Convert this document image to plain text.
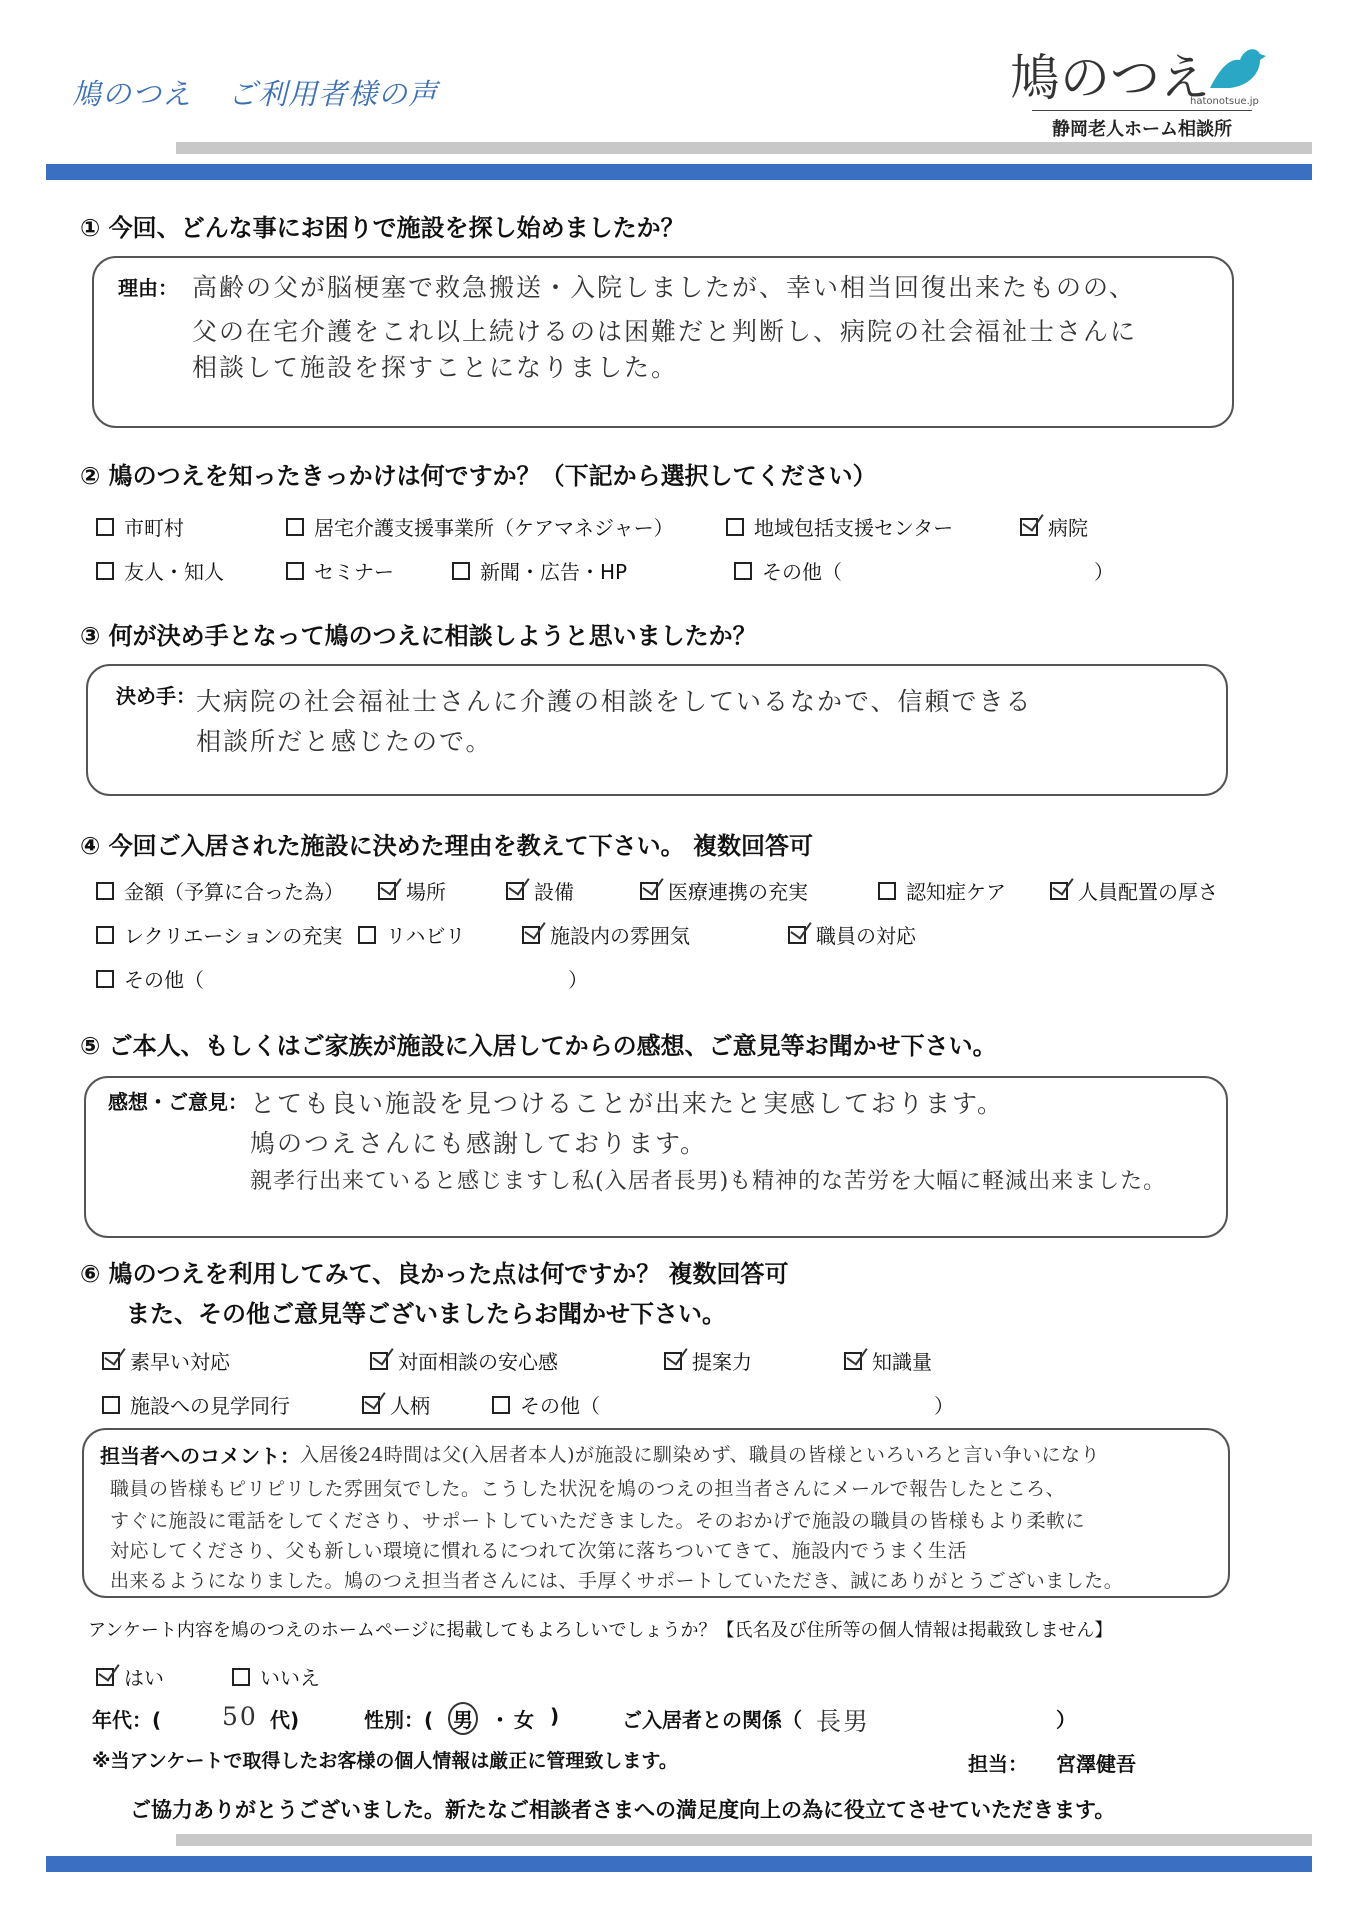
鳩のつえ ご利用者様の声	鳩のつえ
hatonotsue.jp
静岡老人ホーム相談所
① 今回、どんな事にお困りで施設を探し始めましたか？
理由： 高齢の父が脳梗塞で救急搬送・入院しましたが、幸い相当回復出来たものの、
父の在宅介護をこれ以上続けるのは困難だと判断し、病院の社会福祉士さんに
相談して施設を探すことになりました。
② 鳩のつえを知ったきっかけは何ですか？（下記から選択してください）
市町村	居宅介護支援事業所（ケアマネジャー）	地域包括支援センター	病院
友人・知人	セミナー	新聞・広告・HP	その他（	）
③ 何が決め手となって鳩のつえに相談しようと思いましたか？
決め手： 大病院の社会福祉士さんに介護の相談をしているなかで、信頼できる
相談所だと感じたので。
④ 今回ご入居された施設に決めた理由を教えて下さい。 複数回答可
金額（予算に合った為）	場所	設備	医療連携の充実	認知症ケア	人員配置の厚さ
レクリエーションの充実 リハビリ	施設内の雰囲気	職員の対応
その他（	）
⑤ ご本人、もしくはご家族が施設に入居してからの感想、ご意見等お聞かせ下さい。
感想・ご意見： とても良い施設を見つけることが出来たと実感しております。
鳩のつえさんにも感謝しております。
親孝行出来ていると感じますし私(入居者長男)も精神的な苦労を大幅に軽減出来ました。
⑥ 鳩のつえを利用してみて、良かった点は何ですか？ 複数回答可
また、その他ご意見等ございましたらお聞かせ下さい。
素早い対応	対面相談の安心感	提案力	知識量
施設への見学同行	人柄	その他（	）
担当者へのコメント： 入居後24時間は父(入居者本人)が施設に馴染めず、職員の皆様といろいろと言い争いになり
職員の皆様もピリピリした雰囲気でした。こうした状況を鳩のつえの担当者さんにメールで報告したところ、
すぐに施設に電話をしてくださり、サポートしていただきました。そのおかげで施設の職員の皆様もより柔軟に
対応してくださり、父も新しい環境に慣れるにつれて次第に落ちついてきて、施設内でうまく生活
出来るようになりました。鳩のつえ担当者さんには、手厚くサポートしていただき、誠にありがとうございました。
アンケート内容を鳩のつえのホームページに掲載してもよろしいでしょうか？【氏名及び住所等の個人情報は掲載致しません】
はい	いいえ
年代：( 50 代)	性別：( 男 ・ 女 )	ご入居者との関係（ 長男	）
※当アンケートで取得したお客様の個人情報は厳正に管理致します。	担当： 宮澤健吾
ご協力ありがとうございました。新たなご相談者さまへの満足度向上の為に役立てさせていただきます。
